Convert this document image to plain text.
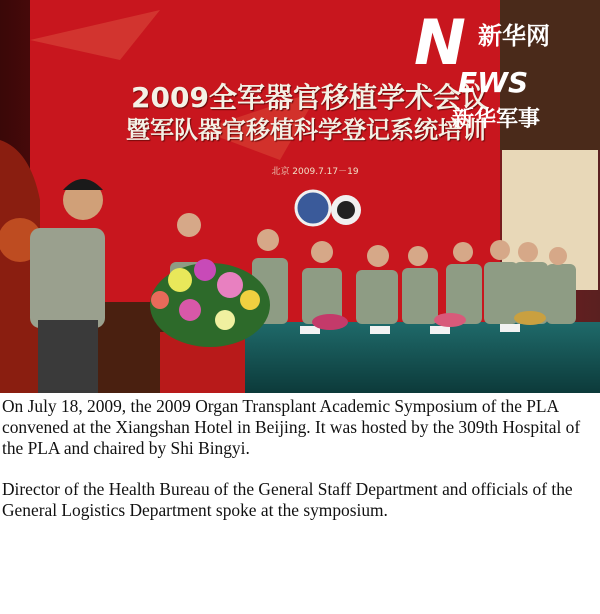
2009全军器官移植学术会议
暨军队器官移植科学登记系统培训
北京 2009.7.17－19
N 新华网
EWS
新华军事

On July 18, 2009, the 2009 Organ Transplant Academic Symposium of the PLA convened at the Xiangshan Hotel in Beijing. It was hosted by the 309th Hospital of the PLA and chaired by Shi Bingyi.

Director of the Health Bureau of the General Staff Department and officials of the General Logistics Department spoke at the symposium.
